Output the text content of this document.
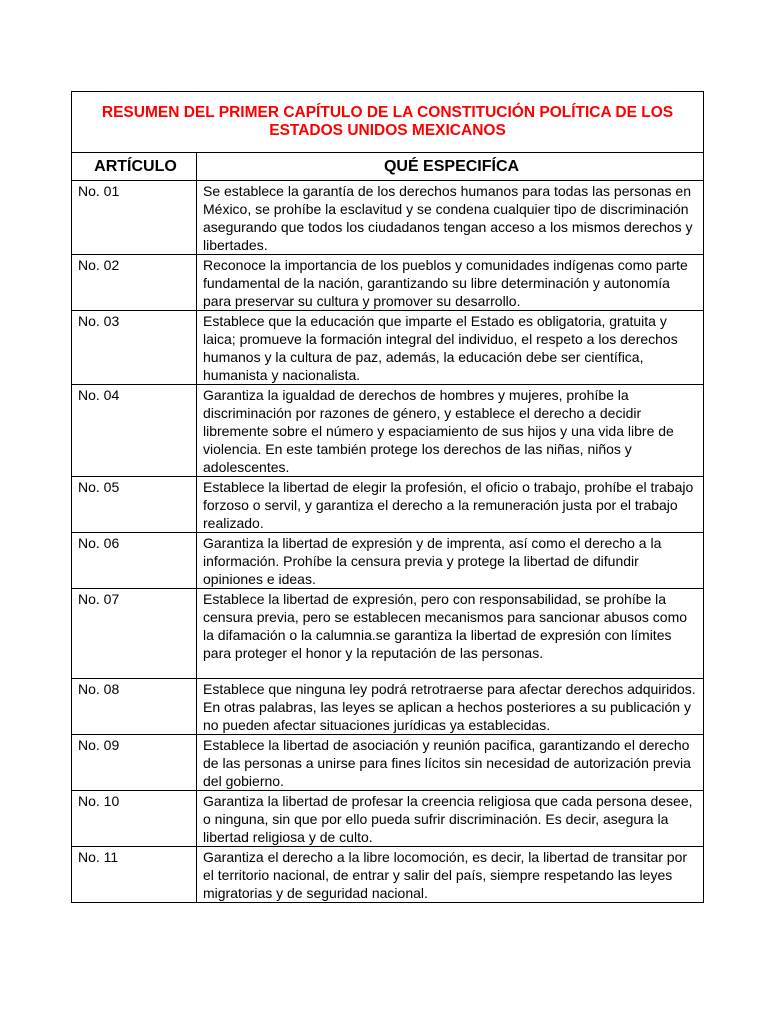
RESUMEN DEL PRIMER CAPÍTULO DE LA CONSTITUCIÓN POLÍTICA DE LOS ESTADOS UNIDOS MEXICANOS	
ARTÍCULO	QUÉ ESPECIFÍCA
No. 01	Se establece la garantía de los derechos humanos para todas las personas en México, se prohíbe la esclavitud y se condena cualquier tipo de discriminación asegurando que todos los ciudadanos tengan acceso a los mismos derechos y libertades.
No. 02	Reconoce la importancia de los pueblos y comunidades indígenas como parte fundamental de la nación, garantizando su libre determinación y autonomía para preservar su cultura y promover su desarrollo.
No. 03	Establece que la educación que imparte el Estado es obligatoria, gratuita y laica; promueve la formación integral del individuo, el respeto a los derechos humanos y la cultura de paz, además, la educación debe ser científica, humanista y nacionalista.
No. 04	Garantiza la igualdad de derechos de hombres y mujeres, prohíbe la discriminación por razones de género, y establece el derecho a decidir libremente sobre el número y espaciamiento de sus hijos y una vida libre de violencia. En este también protege los derechos de las niñas, niños y adolescentes.
No. 05	Establece la libertad de elegir la profesión, el oficio o trabajo, prohíbe el trabajo forzoso o servil, y garantiza el derecho a la remuneración justa por el trabajo realizado.
No. 06	Garantiza la libertad de expresión y de imprenta, así como el derecho a la información. Prohíbe la censura previa y protege la libertad de difundir opiniones e ideas.
No. 07	Establece la libertad de expresión, pero con responsabilidad, se prohíbe la censura previa, pero se establecen mecanismos para sancionar abusos como la difamación o la calumnia.se garantiza la libertad de expresión con límites para proteger el honor y la reputación de las personas.
No. 08	Establece que ninguna ley podrá retrotraerse para afectar derechos adquiridos. En otras palabras, las leyes se aplican a hechos posteriores a su publicación y no pueden afectar situaciones jurídicas ya establecidas.
No. 09	Establece la libertad de asociación y reunión pacifica, garantizando el derecho de las personas a unirse para fines lícitos sin necesidad de autorización previa del gobierno.
No. 10	Garantiza la libertad de profesar la creencia religiosa que cada persona desee, o ninguna, sin que por ello pueda sufrir discriminación. Es decir, asegura la libertad religiosa y de culto.
No. 11	Garantiza el derecho a la libre locomoción, es decir, la libertad de transitar por el territorio nacional, de entrar y salir del país, siempre respetando las leyes migratorias y de seguridad nacional.
